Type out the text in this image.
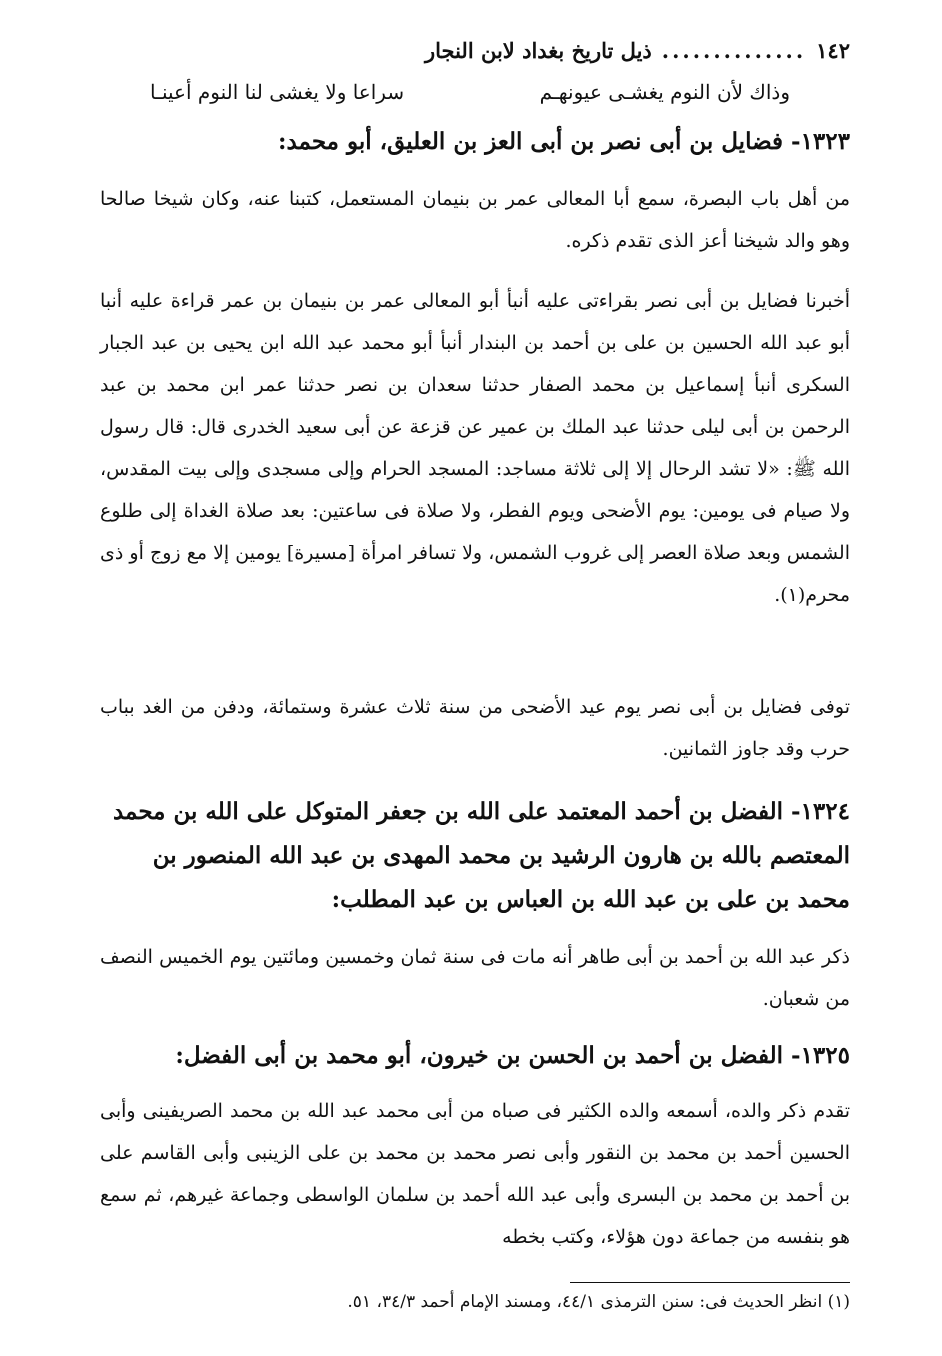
١٤٢
..............
ذيل تاريخ بغداد لابن النجار
وذاك لأن النوم يغشـى عيونهـم
سراعا ولا يغشى لنا النوم أعينـا
١٣٢٣- فضايل بن أبى نصر بن أبى العز بن العليق، أبو محمد:

من أهل باب البصرة، سمع أبا المعالى عمر بن بنيمان المستعمل، كتبنا عنه، وكان شيخا صالحا وهو والد شيخنا أعز الذى تقدم ذكره.

أخبرنا فضايل بن أبى نصر بقراءتى عليه أنبأ أبو المعالى عمر بن بنيمان بن عمر قراءة عليه أنبا أبو عبد الله الحسين بن على بن أحمد بن البندار أنبأ أبو محمد عبد الله ابن يحيى بن عبد الجبار السكرى أنبأ إسماعيل بن محمد الصفار حدثنا سعدان بن نصر حدثنا عمر ابن محمد بن عبد الرحمن بن أبى ليلى حدثنا عبد الملك بن عمير عن قزعة عن أبى سعيد الخدرى قال: قال رسول الله ﷺ: «لا تشد الرحال إلا إلى ثلاثة مساجد: المسجد الحرام وإلى مسجدى وإلى بيت المقدس، ولا صيام فى يومين: يوم الأضحى ويوم الفطر، ولا صلاة فى ساعتين: بعد صلاة الغداة إلى طلوع الشمس وبعد صلاة العصر إلى غروب الشمس، ولا تسافر امرأة [مسيرة] يومين إلا مع زوج أو ذى محرم(١).

توفى فضايل بن أبى نصر يوم عيد الأضحى من سنة ثلاث عشرة وستمائة، ودفن من الغد بباب حرب وقد جاوز الثمانين.

١٣٢٤- الفضل بن أحمد المعتمد على الله بن جعفر المتوكل على الله بن محمد المعتصم بالله بن هارون الرشيد بن محمد المهدى بن عبد الله المنصور بن محمد بن على بن عبد الله بن العباس بن عبد المطلب:

ذكر عبد الله بن أحمد بن أبى طاهر أنه مات فى سنة ثمان وخمسين ومائتين يوم الخميس النصف من شعبان.

١٣٢٥- الفضل بن أحمد بن الحسن بن خيرون، أبو محمد بن أبى الفضل:

تقدم ذكر والده، أسمعه والده الكثير فى صباه من أبى محمد عبد الله بن محمد الصريفينى وأبى الحسين أحمد بن محمد بن النقور وأبى نصر محمد بن محمد بن على الزينبى وأبى القاسم على بن أحمد بن محمد بن البسرى وأبى عبد الله أحمد بن سلمان الواسطى وجماعة غيرهم، ثم سمع هو بنفسه من جماعة دون هؤلاء، وكتب بخطه

(١) انظر الحديث فى: سنن الترمذى ٤٤/١، ومسند الإمام أحمد ٣٤/٣، ٥١.
